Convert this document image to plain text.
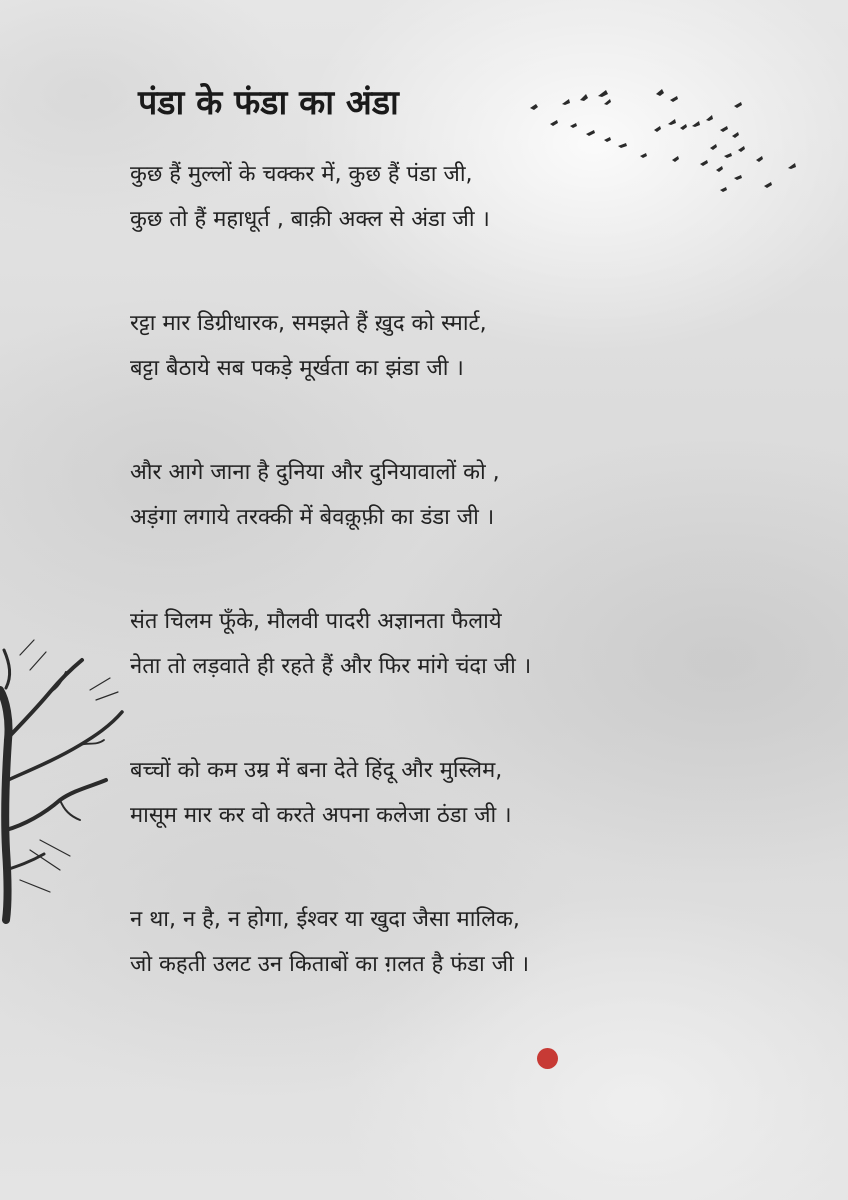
पंडा के फंडा का अंडा
कुछ हैं मुल्लों के चक्कर में, कुछ हैं पंडा जी,
कुछ तो हैं महाधूर्त , बाक़ी अक्ल से अंडा जी ।
रट्टा मार डिग्रीधारक, समझते हैं ख़ुद को स्मार्ट,
बट्टा बैठाये सब पकड़े मूर्खता का झंडा जी ।
और आगे जाना है दुनिया और दुनियावालों को ,
अड़ंगा लगाये तरक्की में बेवक़ूफ़ी का डंडा जी ।
संत चिलम फूँके, मौलवी पादरी अज्ञानता फैलाये
नेता तो लड़वाते ही रहते हैं और फिर मांगे चंदा जी ।
बच्चों को कम उम्र में बना देते हिंदू और मुस्लिम,
मासूम मार कर वो करते अपना कलेजा ठंडा जी ।
न था, न है, न होगा, ईश्वर या खुदा जैसा मालिक,
जो कहती उलट उन किताबों का ग़लत है फंडा जी ।
